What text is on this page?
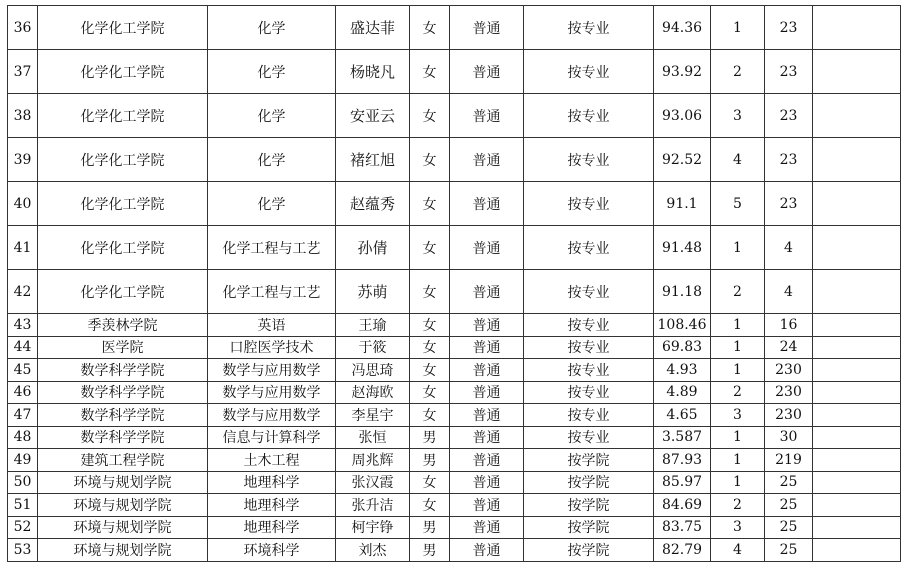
36	化学化工学院	化学	盛达菲	女	普通	按专业	94.36	1	23	
37	化学化工学院	化学	杨晓凡	女	普通	按专业	93.92	2	23	
38	化学化工学院	化学	安亚云	女	普通	按专业	93.06	3	23	
39	化学化工学院	化学	褚红旭	女	普通	按专业	92.52	4	23	
40	化学化工学院	化学	赵蕴秀	女	普通	按专业	91.1	5	23	
41	化学化工学院	化学工程与工艺	孙倩	女	普通	按专业	91.48	1	4	
42	化学化工学院	化学工程与工艺	苏萌	女	普通	按专业	91.18	2	4	
43	季羡林学院	英语	王瑜	女	普通	按专业	108.46	1	16	
44	医学院	口腔医学技术	于筱	女	普通	按专业	69.83	1	24	
45	数学科学学院	数学与应用数学	冯思琦	女	普通	按专业	4.93	1	230	
46	数学科学学院	数学与应用数学	赵海欧	女	普通	按专业	4.89	2	230	
47	数学科学学院	数学与应用数学	李星宇	女	普通	按专业	4.65	3	230	
48	数学科学学院	信息与计算科学	张恒	男	普通	按专业	3.587	1	30	
49	建筑工程学院	土木工程	周兆辉	男	普通	按学院	87.93	1	219	
50	环境与规划学院	地理科学	张汉霞	女	普通	按学院	85.97	1	25	
51	环境与规划学院	地理科学	张升洁	女	普通	按学院	84.69	2	25	
52	环境与规划学院	地理科学	柯宇铮	男	普通	按学院	83.75	3	25	
53	环境与规划学院	环境科学	刘杰	男	普通	按学院	82.79	4	25	
